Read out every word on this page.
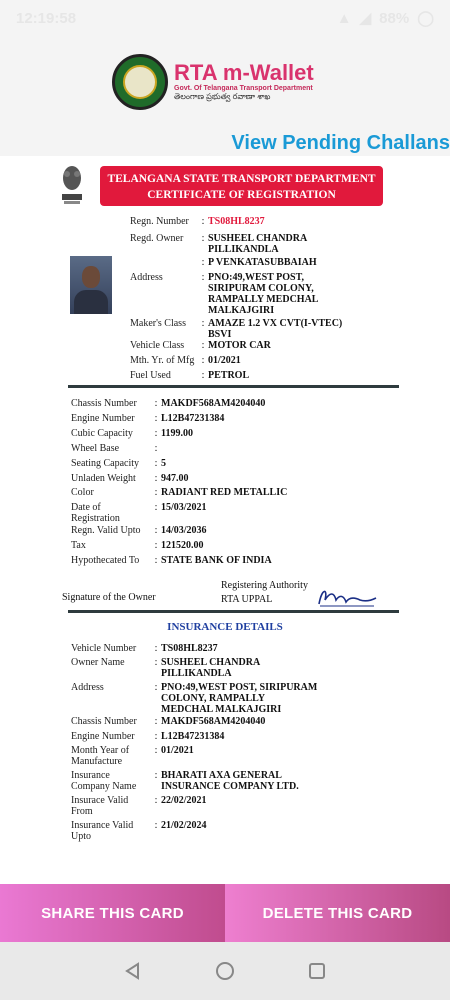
12:19:58	▲ ◢ 88% ◯
RTA m-Wallet
Govt. Of Telangana Transport Department
తెలంగాణ ప్రభుత్వ రవాణా శాఖ
View Pending Challans
TELANGANA STATE TRANSPORT DEPARTMENT
CERTIFICATE OF REGISTRATION
Regn. Number	: TS08HL8237
Regd. Owner	: SUSHEEL CHANDRA
PILLIKANDLA
: P VENKATASUBBAIAH
Address	: PNO:49,WEST POST,
SIRIPURAM COLONY,
RAMPALLY MEDCHAL
MALKAJGIRI
Maker's Class	: AMAZE 1.2 VX CVT(I-VTEC)
BSVI
Vehicle Class	: MOTOR CAR
Mth. Yr. of Mfg : 01/2021
Fuel Used	: PETROL
Chassis Number	: MAKDF568AM4204040
Engine Number	: L12B47231384
Cubic Capacity	: 1199.00
Wheel Base	:
Seating Capacity	: 5
Unladen Weight	: 947.00
Color	: RADIANT RED METALLIC
Date of
Registration
: 15/03/2021
Regn. Valid Upto	: 14/03/2036
Tax	: 121520.00
Hypothecated To	: STATE BANK OF INDIA
Signature of the Owner
Registering Authority
RTA UPPAL
INSURANCE DETAILS
Vehicle Number	: TS08HL8237
Owner Name	: SUSHEEL CHANDRA
PILLIKANDLA
Address	: PNO:49,WEST POST, SIRIPURAM
COLONY, RAMPALLY
MEDCHAL MALKAJGIRI
Chassis Number	: MAKDF568AM4204040
Engine Number	: L12B47231384
Month Year of
Manufacture
: 01/2021
Insurance
Company Name
: BHARATI AXA GENERAL
INSURANCE COMPANY LTD.
Insurace Valid
From
: 22/02/2021
Insurance Valid
Upto
: 21/02/2024
SHARE THIS CARD	DELETE THIS CARD
